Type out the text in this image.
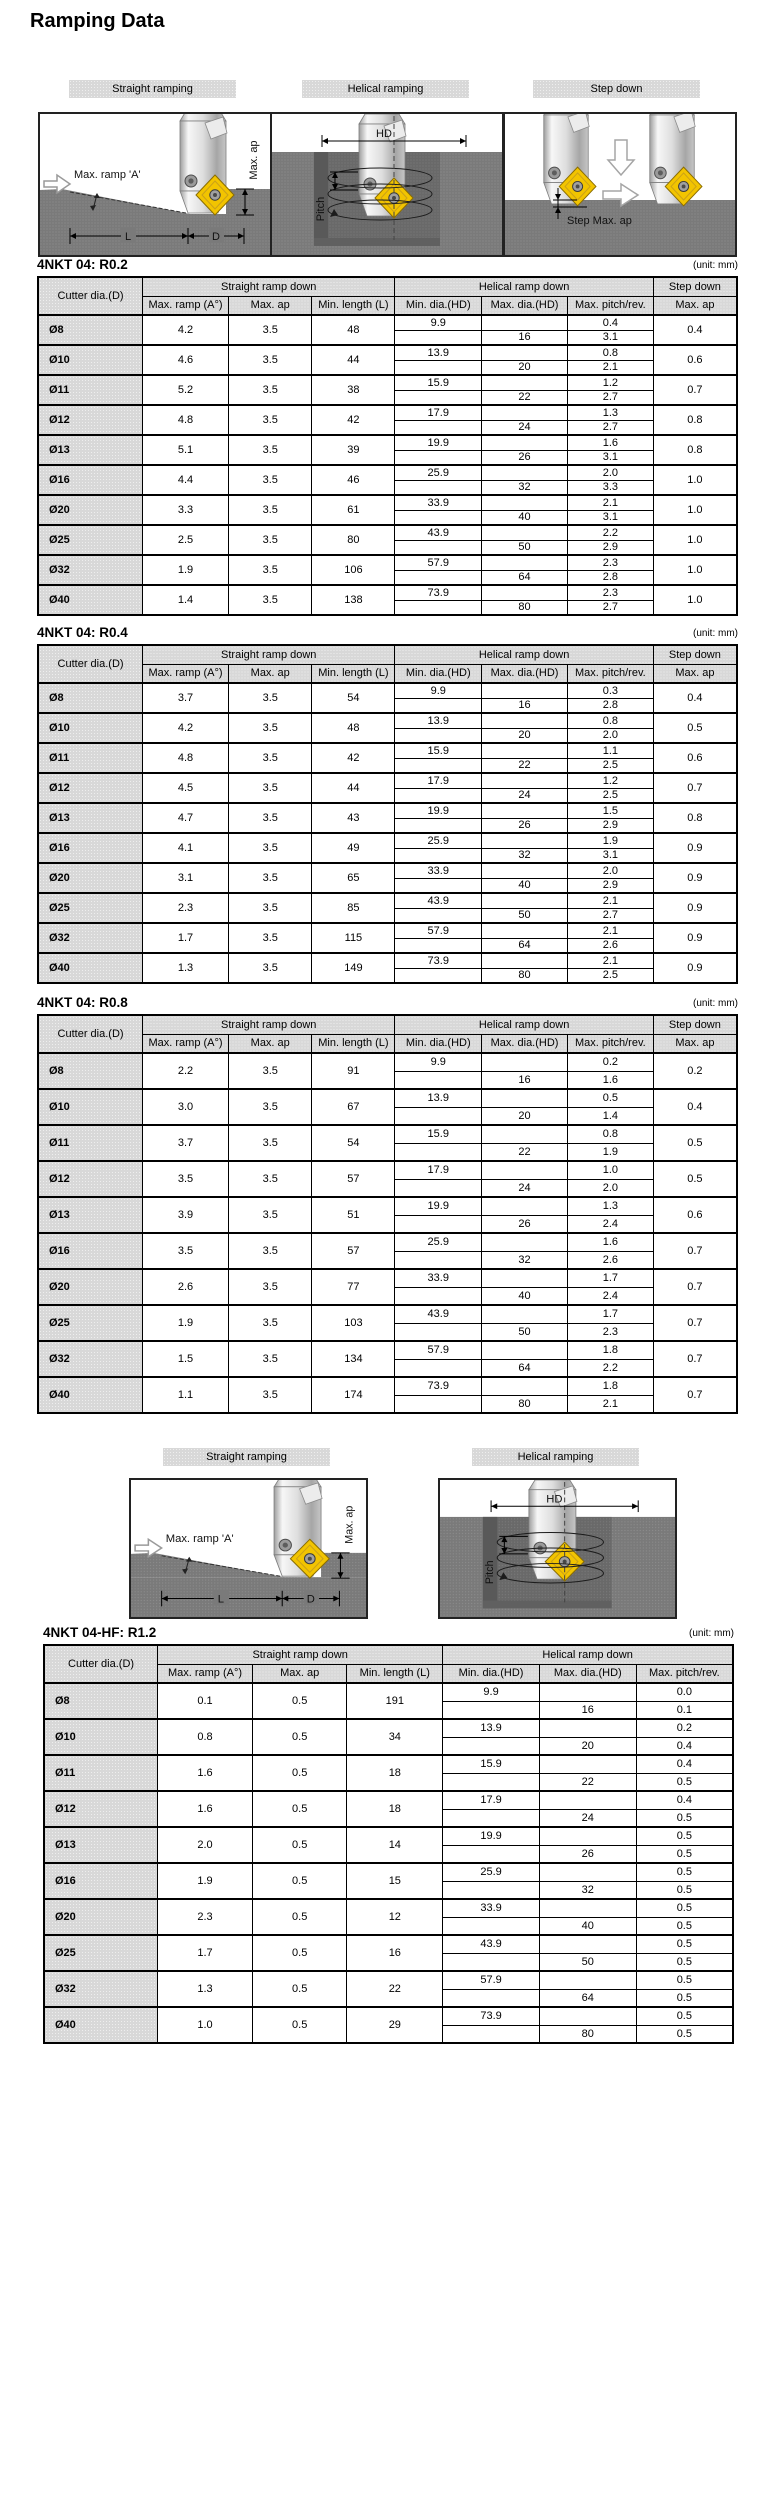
Ramping Data
Straight ramping	Helical ramping	Step down
Step Max. ap
4NKT 04: R0.2	(unit: mm)
Cutter dia.(D)	Straight ramp down			Helical ramp down			Step down
	Max. ramp (A°)	Max. ap	Min. length (L)	Min. dia.(HD)	Max. dia.(HD)	Max. pitch/rev.	Max. ap
Ø8	4.2	3.5	48	9.9		0.4	0.4
					16	3.1	
Ø10	4.6	3.5	44	13.9		0.8	0.6
					20	2.1	
Ø11	5.2	3.5	38	15.9		1.2	0.7
					22	2.7	
Ø12	4.8	3.5	42	17.9		1.3	0.8
					24	2.7	
Ø13	5.1	3.5	39	19.9		1.6	0.8
					26	3.1	
Ø16	4.4	3.5	46	25.9		2.0	1.0
					32	3.3	
Ø20	3.3	3.5	61	33.9		2.1	1.0
					40	3.1	
Ø25	2.5	3.5	80	43.9		2.2	1.0
					50	2.9	
Ø32	1.9	3.5	106	57.9		2.3	1.0
					64	2.8	
Ø40	1.4	3.5	138	73.9		2.3	1.0
					80	2.7	
4NKT 04: R0.4	(unit: mm)
Cutter dia.(D)	Straight ramp down			Helical ramp down			Step down
	Max. ramp (A°)	Max. ap	Min. length (L)	Min. dia.(HD)	Max. dia.(HD)	Max. pitch/rev.	Max. ap
Ø8	3.7	3.5	54	9.9		0.3	0.4
					16	2.8	
Ø10	4.2	3.5	48	13.9		0.8	0.5
					20	2.0	
Ø11	4.8	3.5	42	15.9		1.1	0.6
					22	2.5	
Ø12	4.5	3.5	44	17.9		1.2	0.7
					24	2.5	
Ø13	4.7	3.5	43	19.9		1.5	0.8
					26	2.9	
Ø16	4.1	3.5	49	25.9		1.9	0.9
					32	3.1	
Ø20	3.1	3.5	65	33.9		2.0	0.9
					40	2.9	
Ø25	2.3	3.5	85	43.9		2.1	0.9
					50	2.7	
Ø32	1.7	3.5	115	57.9		2.1	0.9
					64	2.6	
Ø40	1.3	3.5	149	73.9		2.1	0.9
					80	2.5	
4NKT 04: R0.8	(unit: mm)
Cutter dia.(D)	Straight ramp down			Helical ramp down			Step down
	Max. ramp (A°)	Max. ap	Min. length (L)	Min. dia.(HD)	Max. dia.(HD)	Max. pitch/rev.	Max. ap
Ø8	2.2	3.5	91	9.9		0.2	0.2
					16	1.6	
Ø10	3.0	3.5	67	13.9		0.5	0.4
					20	1.4	
Ø11	3.7	3.5	54	15.9		0.8	0.5
					22	1.9	
Ø12	3.5	3.5	57	17.9		1.0	0.5
					24	2.0	
Ø13	3.9	3.5	51	19.9		1.3	0.6
					26	2.4	
Ø16	3.5	3.5	57	25.9		1.6	0.7
					32	2.6	
Ø20	2.6	3.5	77	33.9		1.7	0.7
					40	2.4	
Ø25	1.9	3.5	103	43.9		1.7	0.7
					50	2.3	
Ø32	1.5	3.5	134	57.9		1.8	0.7
					64	2.2	
Ø40	1.1	3.5	174	73.9		1.8	0.7
					80	2.1	
Straight ramping	Helical ramping
4NKT 04-HF: R1.2	(unit: mm)
Cutter dia.(D)	Straight ramp down			Helical ramp down		
	Max. ramp (A°)	Max. ap	Min. length (L)	Min. dia.(HD)	Max. dia.(HD)	Max. pitch/rev.
Ø8	0.1	0.5	191	9.9		0.0
					16	0.1
Ø10	0.8	0.5	34	13.9		0.2
					20	0.4
Ø11	1.6	0.5	18	15.9		0.4
					22	0.5
Ø12	1.6	0.5	18	17.9		0.4
					24	0.5
Ø13	2.0	0.5	14	19.9		0.5
					26	0.5
Ø16	1.9	0.5	15	25.9		0.5
					32	0.5
Ø20	2.3	0.5	12	33.9		0.5
					40	0.5
Ø25	1.7	0.5	16	43.9		0.5
					50	0.5
Ø32	1.3	0.5	22	57.9		0.5
					64	0.5
Ø40	1.0	0.5	29	73.9		0.5
					80	0.5
